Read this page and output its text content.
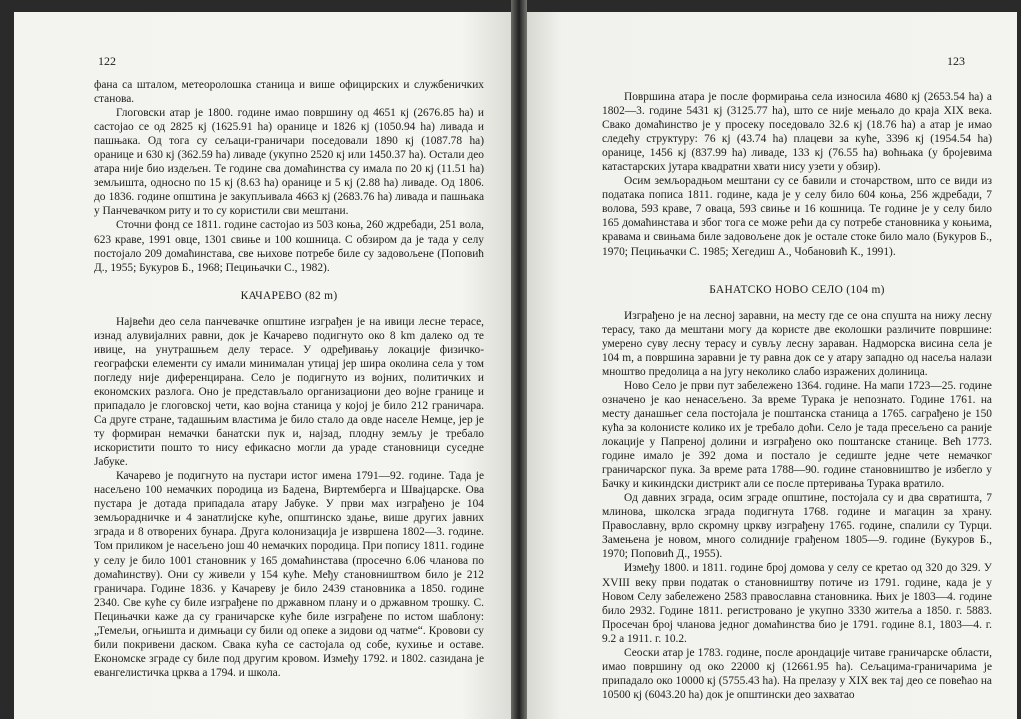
122

фана са шталом, метеоролошка станица и више официрских и службеничких станова.

Глоговски атар је 1800. године имао површину од 4651 кј (2676.85 ha) и састојао се од 2825 кј (1625.91 ha) оранице и 1826 кј (1050.94 ha) ливада и пашњака. Од тога су сељаци-граничари поседовали 1890 кј (1087.78 ha) оранице и 630 кј (362.59 ha) ливаде (укупно 2520 кј или 1450.37 ha). Остали део атара није био издељен. Те године сва домаћинства су имала по 20 кј (11.51 ha) земљишта, односно по 15 кј (8.63 ha) оранице и 5 кј (2.88 ha) ливаде. Од 1806. до 1836. године општина је закупљивала 4663 кј (2683.76 ha) ливада и пашњака у Панчевачком риту и то су користили сви мештани.

Сточни фонд се 1811. године састојао из 503 коња, 260 ждребади, 251 вола, 623 краве, 1991 овце, 1301 свиње и 100 кошница. С обзиром да је тада у селу постојало 209 домаћинстава, све њихове потребе биле су задовољене (Поповић Д., 1955; Букуров Б., 1968; Пецињачки С., 1982).

КАЧАРЕВО (82 m)

Највећи део села панчевачке општине изграђен је на ивици лесне терасе, изнад алувијалних равни, док је Качарево подигнуто око 8 km далеко од те ивице, на унутрашњем делу терасе. У одређивању локације физичко-географски елементи су имали минималан утицај јер шира околина села у том погледу није диференцирана. Село је подигнуто из војних, политичких и економских разлога. Оно је представљало организациони део војне границе и припадало је глоговској чети, као војна станица у којој је било 212 граничара. Са друге стране, тадашњим властима је било стало да овде населе Немце, јер је ту формиран немачки банатски пук и, најзад, плодну земљу је требало искористити пошто то нису ефикасно могли да ураде становници суседне Јабуке.

Качарево је подигнуто на пустари истог имена 1791—92. године. Тада је насељено 100 немачких породица из Бадена, Виртемберга и Швајцарске. Ова пустара је дотада припадала атару Јабуке. У први мах изграђено је 104 земљорадничке и 4 занатлијске куће, општинско здање, више других јавних зграда и 8 отворених бунара. Друга колонизација је извршена 1802—3. године. Том приликом је насељено још 40 немачких породица. При попису 1811. године у селу је било 1001 становник у 165 домаћинстава (просечно 6.06 чланова по домаћинству). Они су живели у 154 куће. Међу становништвом било је 212 граничара. Године 1836. у Качареву је било 2439 становника а 1850. године 2340. Све куће су биле изграђене по државном плану и о државном трошку. С. Пецињачки каже да су граничарске куће биле изграђене по истом шаблону: „Темељи, огњишта и димњаци су били од опеке а зидови од чатме“. Кровови су били покривени даском. Свака кућа се састојала од собе, кухиње и оставе. Економске зграде су биле под другим кровом. Између 1792. и 1802. сазидана је евангелистичка црква а 1794. и школа.

123

Површина атара је после формирања села износила 4680 кј (2653.54 ha) а 1802—3. године 5431 кј (3125.77 ha), што се није мењало до краја XIX века. Свако домаћинство је у просеку поседовало 32.6 кј (18.76 ha) а атар је имао следећу структуру: 76 кј (43.74 ha) плацеви за куће, 3396 кј (1954.54 ha) оранице, 1456 кј (837.99 ha) ливаде, 133 кј (76.55 ha) воћњака (у бројевима катастарских јутара квадратни хвати нису узети у обзир).

Осим земљорадњом мештани су се бавили и сточарством, што се види из података пописа 1811. године, када је у селу било 604 коња, 256 ждребади, 7 волова, 593 краве, 7 оваца, 593 свиње и 16 кошница. Те године је у селу било 165 домаћинстава и због тога се може рећи да су потребе становника у коњима, кравама и свињама биле задовољене док је остале стоке било мало (Букуров Б., 1970; Пецињачки С. 1985; Хегедиш А., Чобановић К., 1991).

БАНАТСКО НОВО СЕЛО (104 m)

Изграђено је на лесној заравни, на месту где се она спушта на нижу лесну терасу, тако да мештани могу да користе две еколошки различите површине: умерено суву лесну терасу и сувљу лесну зараван. Надморска висина села је 104 m, а површина заравни је ту равна док се у атару западно од насеља налази мноштво предолица а на југу неколико слабо изражених долиница.

Ново Село је први пут забележено 1364. године. На мапи 1723—25. године означено је као ненасељено. За време Турака је непознато. Године 1761. на месту данашњег села постојала је поштанска станица а 1765. саграђено је 150 кућа за колонисте колико их је требало доћи. Село је тада пресељено са раније локације у Папреној долини и изграђено око поштанске станице. Већ 1773. године имало је 392 дома и постало је седиште једне чете немачког граничарског пука. За време рата 1788—90. године становништво је избегло у Бачку и кикиндски дистрикт али се после пртеривања Турака вратило.

Од давних зграда, осим зграде општине, постојала су и два свратишта, 7 млинова, школска зграда подигнута 1768. године и магацин за храну. Православну, врло скромну цркву изграђену 1765. године, спалили су Турци. Замењена је новом, много солидније грађеном 1805—9. године (Букуров Б., 1970; Поповић Д., 1955).

Између 1800. и 1811. године број домова у селу се кретао од 320 до 329. У XVIII веку први податак о становништву потиче из 1791. године, када је у Новом Селу забележено 2583 православна становника. Њих је 1803—4. године било 2932. Године 1811. регистровано је укупно 3330 житеља а 1850. г. 5883. Просечан број чланова једног домаћинства био је 1791. године 8.1, 1803—4. г. 9.2 а 1911. г. 10.2.

Сеоски атар је 1783. године, после арондације читаве граничарске области, имао површину од око 22000 кј (12661.95 ha). Сељацима-граничарима је припадало око 10000 кј (5755.43 ha). На прелазу у XIX век тај део се повећао на 10500 кј (6043.20 ha) док је општински део захватао
